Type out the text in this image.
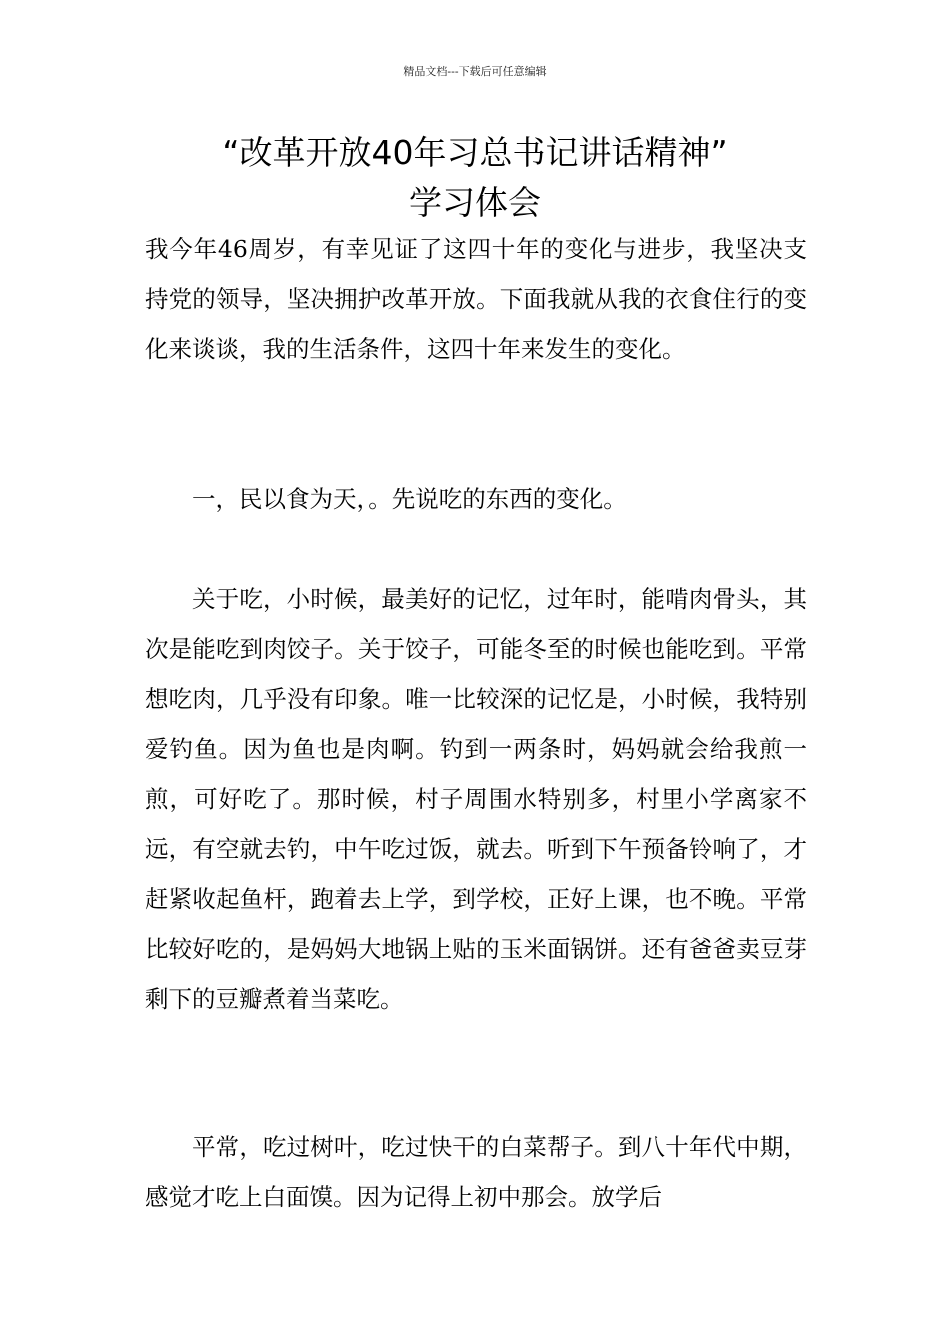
精品文档---下载后可任意编辑
“改革开放40年习总书记讲话精神”
学习体会

我今年46周岁，有幸见证了这四十年的变化与进步，我坚决支持党的领导，坚决拥护改革开放。下面我就从我的衣食住行的变化来谈谈，我的生活条件，这四十年来发生的变化。

一，民以食为天，。先说吃的东西的变化。

关于吃，小时候，最美好的记忆，过年时，能啃肉骨头，其次是能吃到肉饺子。关于饺子，可能冬至的时候也能吃到。平常想吃肉，几乎没有印象。唯一比较深的记忆是，小时候，我特别爱钓鱼。因为鱼也是肉啊。钓到一两条时，妈妈就会给我煎一煎，可好吃了。那时候，村子周围水特别多，村里小学离家不远，有空就去钓，中午吃过饭，就去。听到下午预备铃响了，才赶紧收起鱼杆，跑着去上学，到学校，正好上课，也不晚。平常比较好吃的，是妈妈大地锅上贴的玉米面锅饼。还有爸爸卖豆芽剩下的豆瓣煮着当菜吃。

平常，吃过树叶，吃过快干的白菜帮子。到八十年代中期，感觉才吃上白面馍。因为记得上初中那会。放学后
